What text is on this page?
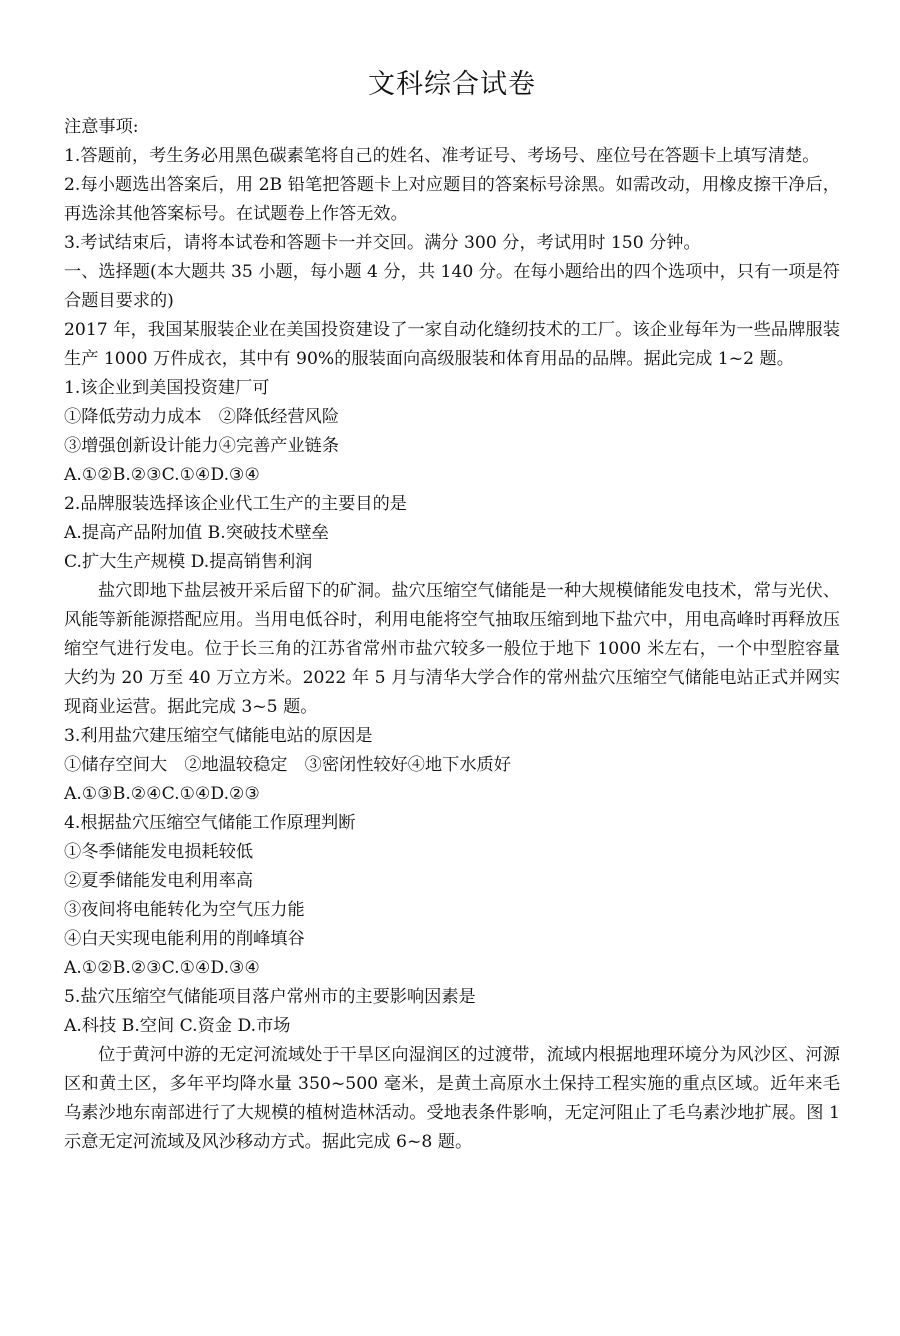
文科综合试卷

注意事项:

1.答题前，考生务必用黑色碳素笔将自己的姓名、准考证号、考场号、座位号在答题卡上填写清楚。

2.每小题选出答案后，用 2B 铅笔把答题卡上对应题目的答案标号涂黑。如需改动，用橡皮擦干净后，再选涂其他答案标号。在试题卷上作答无效。

3.考试结束后，请将本试卷和答题卡一并交回。满分 300 分，考试用时 150 分钟。

一、选择题(本大题共 35 小题，每小题 4 分，共 140 分。在每小题给出的四个选项中，只有一项是符合题目要求的)

2017 年，我国某服装企业在美国投资建设了一家自动化缝纫技术的工厂。该企业每年为一些品牌服装生产 1000 万件成衣，其中有 90%的服装面向高级服装和体育用品的品牌。据此完成 1~2 题。

1.该企业到美国投资建厂可

①降低劳动力成本　②降低经营风险

③增强创新设计能力④完善产业链条

A.①②B.②③C.①④D.③④

2.品牌服装选择该企业代工生产的主要目的是

A.提高产品附加值 B.突破技术壁垒

C.扩大生产规模 D.提高销售利润

盐穴即地下盐层被开采后留下的矿洞。盐穴压缩空气储能是一种大规模储能发电技术，常与光伏、风能等新能源搭配应用。当用电低谷时，利用电能将空气抽取压缩到地下盐穴中，用电高峰时再释放压缩空气进行发电。位于长三角的江苏省常州市盐穴较多一般位于地下 1000 米左右，一个中型腔容量大约为 20 万至 40 万立方米。2022 年 5 月与清华大学合作的常州盐穴压缩空气储能电站正式并网实现商业运营。据此完成 3~5 题。

3.利用盐穴建压缩空气储能电站的原因是

①储存空间大　②地温较稳定　③密闭性较好④地下水质好

A.①③B.②④C.①④D.②③

4.根据盐穴压缩空气储能工作原理判断

①冬季储能发电损耗较低

②夏季储能发电利用率高

③夜间将电能转化为空气压力能

④白天实现电能利用的削峰填谷

A.①②B.②③C.①④D.③④

5.盐穴压缩空气储能项目落户常州市的主要影响因素是

A.科技 B.空间 C.资金 D.市场

位于黄河中游的无定河流域处于干旱区向湿润区的过渡带，流域内根据地理环境分为风沙区、河源区和黄土区，多年平均降水量 350~500 毫米，是黄土高原水土保持工程实施的重点区域。近年来毛乌素沙地东南部进行了大规模的植树造林活动。受地表条件影响，无定河阻止了毛乌素沙地扩展。图 1 示意无定河流域及风沙移动方式。据此完成 6~8 题。
